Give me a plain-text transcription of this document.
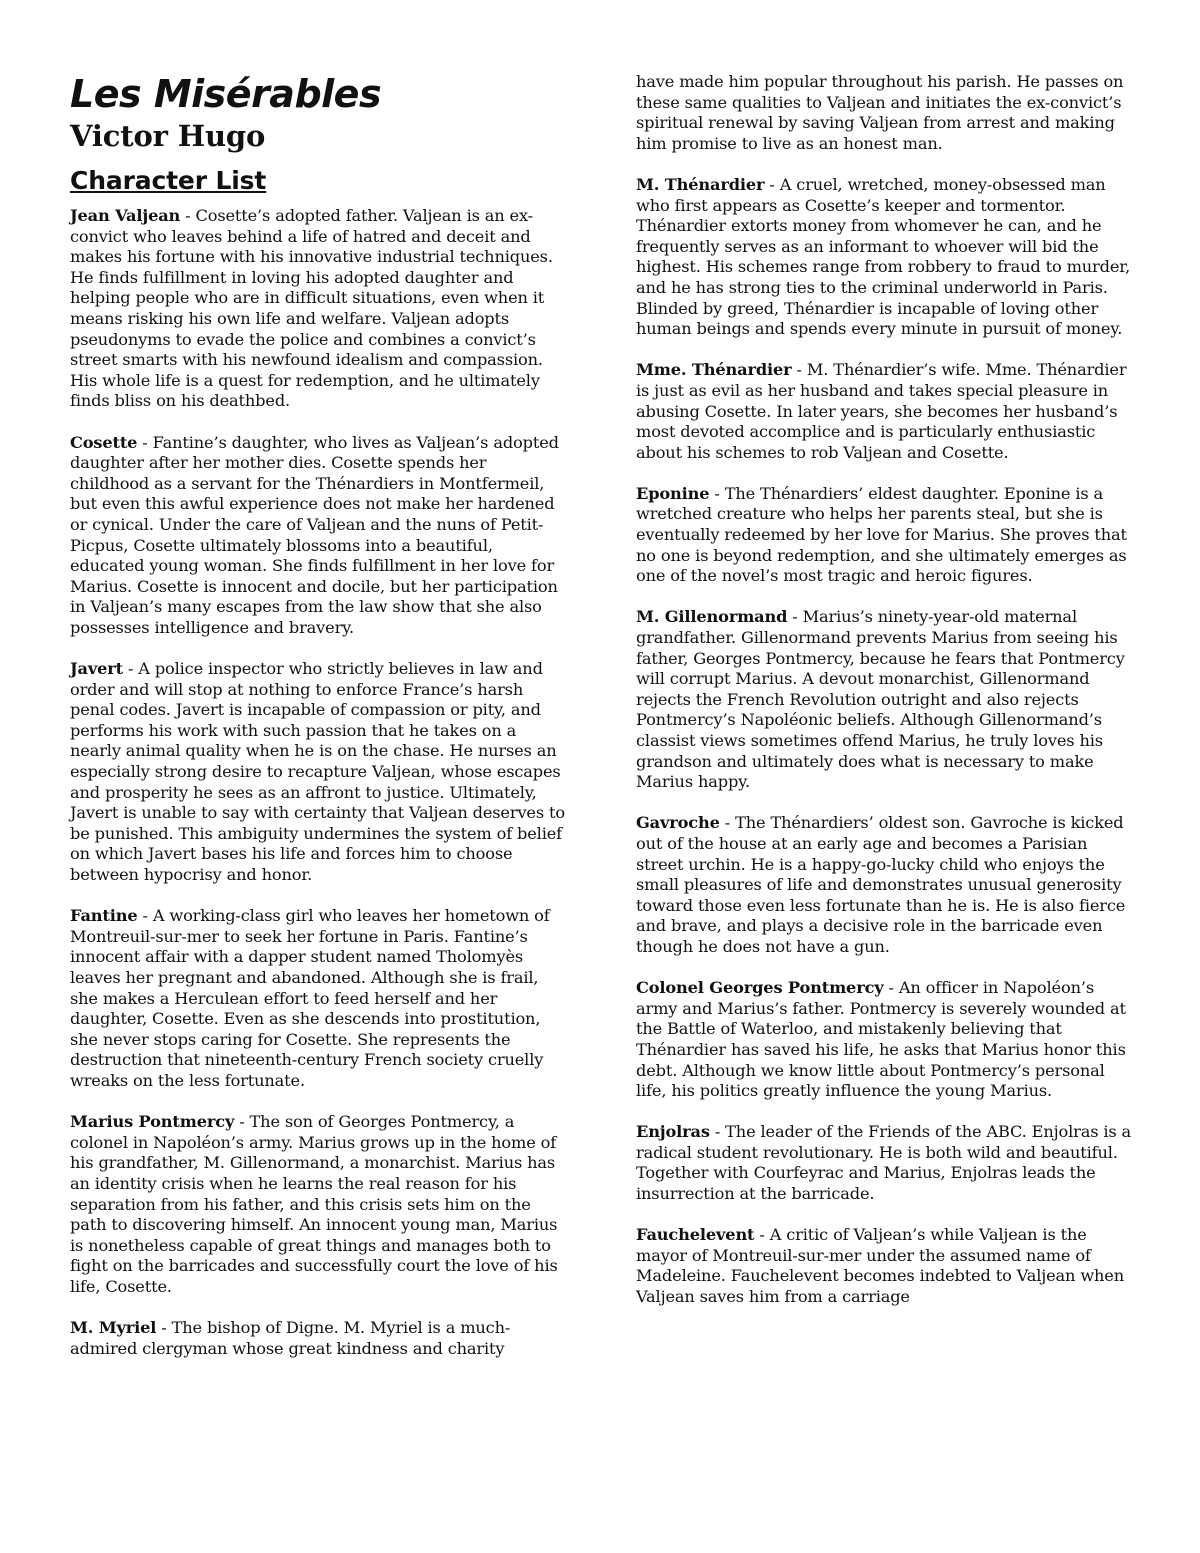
Les Misérables
Victor Hugo
Character List

Jean Valjean - Cosette’s adopted father. Valjean is an ex-convict who leaves behind a life of hatred and deceit and makes his fortune with his innovative industrial techniques. He finds fulfillment in loving his adopted daughter and helping people who are in difficult situations, even when it means risking his own life and welfare. Valjean adopts pseudonyms to evade the police and combines a convict’s street smarts with his newfound idealism and compassion. His whole life is a quest for redemption, and he ultimately finds bliss on his deathbed.

Cosette - Fantine’s daughter, who lives as Valjean’s adopted daughter after her mother dies. Cosette spends her childhood as a servant for the Thénardiers in Montfermeil, but even this awful experience does not make her hardened or cynical. Under the care of Valjean and the nuns of Petit-Picpus, Cosette ultimately blossoms into a beautiful, educated young woman. She finds fulfillment in her love for Marius. Cosette is innocent and docile, but her participation in Valjean’s many escapes from the law show that she also possesses intelligence and bravery.

Javert - A police inspector who strictly believes in law and order and will stop at nothing to enforce France’s harsh penal codes. Javert is incapable of compassion or pity, and performs his work with such passion that he takes on a nearly animal quality when he is on the chase. He nurses an especially strong desire to recapture Valjean, whose escapes and prosperity he sees as an affront to justice. Ultimately, Javert is unable to say with certainty that Valjean deserves to be punished. This ambiguity undermines the system of belief on which Javert bases his life and forces him to choose between hypocrisy and honor.

Fantine - A working-class girl who leaves her hometown of Montreuil-sur-mer to seek her fortune in Paris. Fantine’s innocent affair with a dapper student named Tholomyès leaves her pregnant and abandoned. Although she is frail, she makes a Herculean effort to feed herself and her daughter, Cosette. Even as she descends into prostitution, she never stops caring for Cosette. She represents the destruction that nineteenth-century French society cruelly wreaks on the less fortunate.

Marius Pontmercy - The son of Georges Pontmercy, a colonel in Napoléon’s army. Marius grows up in the home of his grandfather, M. Gillenormand, a monarchist. Marius has an identity crisis when he learns the real reason for his separation from his father, and this crisis sets him on the path to discovering himself. An innocent young man, Marius is nonetheless capable of great things and manages both to fight on the barricades and successfully court the love of his life, Cosette.

M. Myriel - The bishop of Digne. M. Myriel is a much-admired clergyman whose great kindness and charity

have made him popular throughout his parish. He passes on these same qualities to Valjean and initiates the ex-convict’s spiritual renewal by saving Valjean from arrest and making him promise to live as an honest man.

M. Thénardier - A cruel, wretched, money-obsessed man who first appears as Cosette’s keeper and tormentor. Thénardier extorts money from whomever he can, and he frequently serves as an informant to whoever will bid the highest. His schemes range from robbery to fraud to murder, and he has strong ties to the criminal underworld in Paris. Blinded by greed, Thénardier is incapable of loving other human beings and spends every minute in pursuit of money.

Mme. Thénardier - M. Thénardier’s wife. Mme. Thénardier is just as evil as her husband and takes special pleasure in abusing Cosette. In later years, she becomes her husband’s most devoted accomplice and is particularly enthusiastic about his schemes to rob Valjean and Cosette.

Eponine - The Thénardiers’ eldest daughter. Eponine is a wretched creature who helps her parents steal, but she is eventually redeemed by her love for Marius. She proves that no one is beyond redemption, and she ultimately emerges as one of the novel’s most tragic and heroic figures.

M. Gillenormand - Marius’s ninety-year-old maternal grandfather. Gillenormand prevents Marius from seeing his father, Georges Pontmercy, because he fears that Pontmercy will corrupt Marius. A devout monarchist, Gillenormand rejects the French Revolution outright and also rejects Pontmercy’s Napoléonic beliefs. Although Gillenormand’s classist views sometimes offend Marius, he truly loves his grandson and ultimately does what is necessary to make Marius happy.

Gavroche - The Thénardiers’ oldest son. Gavroche is kicked out of the house at an early age and becomes a Parisian street urchin. He is a happy-go-lucky child who enjoys the small pleasures of life and demonstrates unusual generosity toward those even less fortunate than he is. He is also fierce and brave, and plays a decisive role in the barricade even though he does not have a gun.

Colonel Georges Pontmercy - An officer in Napoléon’s army and Marius’s father. Pontmercy is severely wounded at the Battle of Waterloo, and mistakenly believing that Thénardier has saved his life, he asks that Marius honor this debt. Although we know little about Pontmercy’s personal life, his politics greatly influence the young Marius.

Enjolras - The leader of the Friends of the ABC. Enjolras is a radical student revolutionary. He is both wild and beautiful. Together with Courfeyrac and Marius, Enjolras leads the insurrection at the barricade.

Fauchelevent - A critic of Valjean’s while Valjean is the mayor of Montreuil-sur-mer under the assumed name of Madeleine. Fauchelevent becomes indebted to Valjean when Valjean saves him from a carriage
